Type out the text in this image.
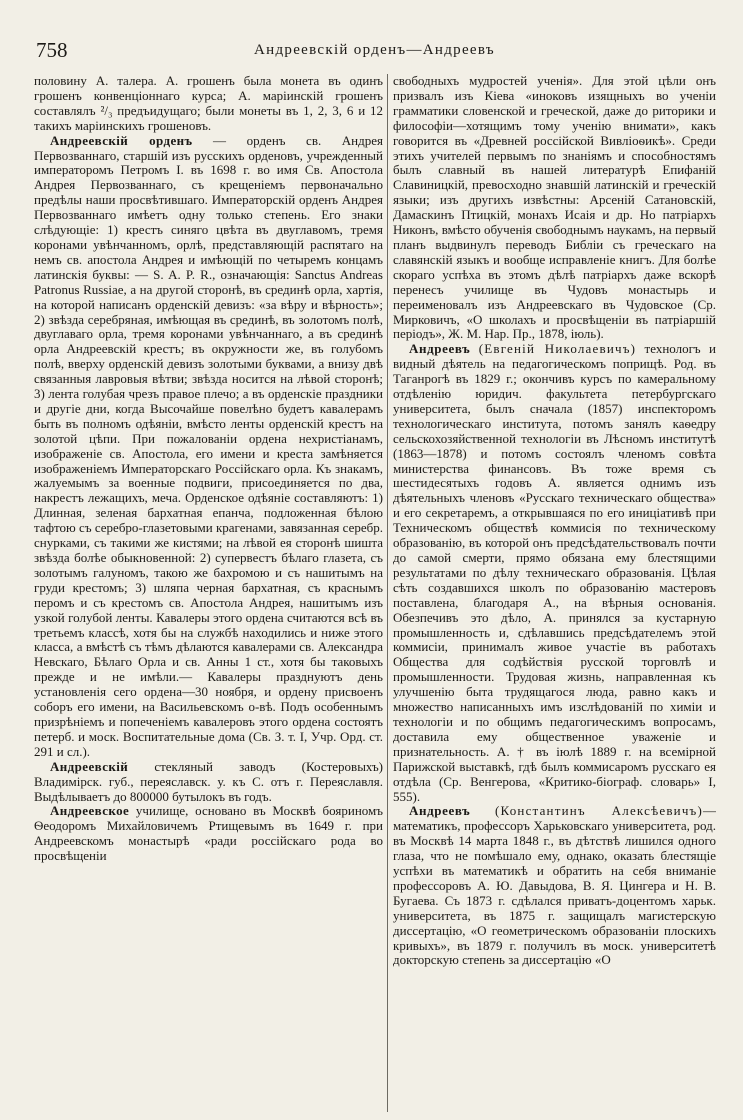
758	Андреевскій орденъ—Андреевъ

половину А. талера. А. грошенъ была монета въ одинъ грошенъ конвенціоннаго курса; А. маріинскій грошенъ составлялъ ²/₃ предъидущаго; были монеты въ 1, 2, 3, 6 и 12 такихъ маріинскихъ грошеновъ.

Андреевскій орденъ — орденъ св. Андрея Первозваннаго, старшій изъ русскихъ орденовъ, учрежденный императоромъ Петромъ I. въ 1698 г. во имя Св. Апостола Андрея Первозваннаго, съ крещеніемъ первоначально предѣлы наши просвѣтившаго. Императорскій орденъ Андрея Первозваннаго имѣетъ одну только степень. Его знаки слѣдующіе: 1) крестъ синяго цвѣта въ двуглавомъ, тремя коронами увѣнчанномъ, орлѣ, представляющій распятаго на немъ св. апостола Андрея и имѣющій по четыремъ концамъ латинскія буквы: — S. A. P. R., означающія: Sanctus Andreas Patronus Russiae, а на другой сторонѣ, въ срединѣ орла, хартія, на которой написанъ орденскій девизъ: «за вѣру и вѣрность»; 2) звѣзда серебряная, имѣющая въ срединѣ, въ золотомъ полѣ, двуглаваго орла, тремя коронами увѣнчаннаго, а въ срединѣ орла Андреевскій крестъ; въ окружности же, въ голубомъ полѣ, вверху орденскій девизъ золотыми буквами, а внизу двѣ связанныя лавровыя вѣтви; звѣзда носится на лѣвой сторонѣ; 3) лента голубая чрезъ правое плечо; а въ орденскіе праздники и другіе дни, когда Высочайше повелѣно будетъ кавалерамъ быть въ полномъ одѣяніи, вмѣсто ленты орденскій крестъ на золотой цѣпи. При пожалованіи ордена нехристіанамъ, изображеніе св. Апостола, его имени и креста замѣняется изображеніемъ Императорскаго Россійскаго орла. Къ знакамъ, жалуемымъ за военные подвиги, присоединяется по два, накрестъ лежащихъ, меча. Орденское одѣяніе составляютъ: 1) Длинная, зеленая бархатная епанча, подложенная бѣлою тафтою съ серебро-глазетовыми крагенами, завязанная серебр. снурками, съ такими же кистями; на лѣвой ея сторонѣ шишта звѣзда болѣе обыкновенной: 2) супервестъ бѣлаго глазета, съ золотымъ галуномъ, такою же бахромою и съ нашитымъ на груди крестомъ; 3) шляпа черная бархатная, съ краснымъ перомъ и съ крестомъ св. Апостола Андрея, нашитымъ изъ узкой голубой ленты. Кавалеры этого ордена считаются всѣ въ третьемъ классѣ, хотя бы на службѣ находились и ниже этого класса, а вмѣстѣ съ тѣмъ дѣлаются кавалерами св. Александра Невскаго, Бѣлаго Орла и св. Анны 1 ст., хотя бы таковыхъ прежде и не имѣли.— Кавалеры празднуютъ день установленія сего ордена—30 ноября, и ордену присвоенъ соборъ его имени, на Васильевскомъ о-вѣ. Подъ особеннымъ призрѣніемъ и попеченіемъ кавалеровъ этого ордена состоятъ петерб. и моск. Воспитательные дома (Св. З. т. I, Учр. Орд. ст. 291 и сл.).

Андреевскій стекляный заводъ (Костеровыхъ) Владимірск. губ., переяславск. у. къ С. отъ г. Переяславля. Выдѣлываетъ до 800000 бутылокъ въ годъ.

Андреевское училище, основано въ Москвѣ бояриномъ Ѳеодоромъ Михайловичемъ Ртищевымъ въ 1649 г. при Андреевскомъ монастырѣ «ради россійскаго рода во просвѣщеніи

свободныхъ мудростей ученія». Для этой цѣли онъ призвалъ изъ Кіева «иноковъ изящныхъ во ученіи грамматики словенской и греческой, даже до риторики и философіи—хотящимъ тому ученію внимати», какъ говорится въ «Древней россійской Вивліоѳикѣ». Среди этихъ учителей первымъ по знаніямъ и способностямъ былъ славный въ нашей литературѣ Епифаній Славиницкій, превосходно знавшій латинскій и греческій языки; изъ другихъ извѣстны: Арсеній Сатановскій, Дамаскинъ Птицкій, монахъ Исаія и др. Но патріархъ Никонъ, вмѣсто обученія свободнымъ наукамъ, на первый планъ выдвинулъ переводъ Библіи съ греческаго на славянскій языкъ и вообще исправленіе книгъ. Для болѣе скораго успѣха въ этомъ дѣлѣ патріархъ даже вскорѣ перенесъ училище въ Чудовъ монастырь и переименовалъ изъ Андреевскаго въ Чудовское (Ср. Мирковичъ, «О школахъ и просвѣщеніи въ патріаршій періодъ», Ж. М. Нар. Пр., 1878, іюль).

Андреевъ (Евгеній Николаевичъ) технологъ и видный дѣятель на педагогическомъ поприщѣ. Род. въ Таганрогѣ въ 1829 г.; окончивъ курсъ по камеральному отдѣленію юридич. факультета петербургскаго университета, былъ сначала (1857) инспекторомъ технологическаго института, потомъ занялъ каѳедру сельскохозяйственной технологіи въ Лѣсномъ институтѣ (1863—1878) и потомъ состоялъ членомъ совѣта министерства финансовъ. Въ тоже время съ шестидесятыхъ годовъ А. является однимъ изъ дѣятельныхъ членовъ «Русскаго техническаго общества» и его секретаремъ, а открывшаяся по его иниціативѣ при Техническомъ обществѣ коммисія по техническому образованію, въ которой онъ предсѣдательствовалъ почти до самой смерти, прямо обязана ему блестящими результатами по дѣлу техническаго образованія. Цѣлая сѣть создавшихся школъ по образованію мастеровъ поставлена, благодаря А., на вѣрныя основанія. Обезпечивъ это дѣло, А. принялся за кустарную промышленность и, сдѣлавшись предсѣдателемъ этой коммисіи, принималъ живое участіе въ работахъ Общества для содѣйствія русской торговлѣ и промышленности. Трудовая жизнь, направленная къ улучшенію быта трудящагося люда, равно какъ и множество написанныхъ имъ изслѣдованій по химіи и технологіи и по общимъ педагогическимъ вопросамъ, доставила ему общественное уваженіе и признательность. А. † въ іюлѣ 1889 г. на всемірной Парижской выставкѣ, гдѣ былъ коммисаромъ русскаго ея отдѣла (Ср. Венгерова, «Критико-біограф. словарь» I, 555).

Андреевъ (Константинъ Алексѣевичъ)—математикъ, профессоръ Харьковскаго университета, род. въ Москвѣ 14 марта 1848 г., въ дѣтствѣ лишился одного глаза, что не помѣшало ему, однако, оказать блестящіе успѣхи въ математикѣ и обратить на себя вниманіе профессоровъ А. Ю. Давыдова, В. Я. Цингера и Н. В. Бугаева. Съ 1873 г. сдѣлался приватъ-доцентомъ харьк. университета, въ 1875 г. защищалъ магистерскую диссертацію, «О геометрическомъ образованіи плоскихъ кривыхъ», въ 1879 г. получилъ въ моск. университетѣ докторскую степень за диссертацію «О
